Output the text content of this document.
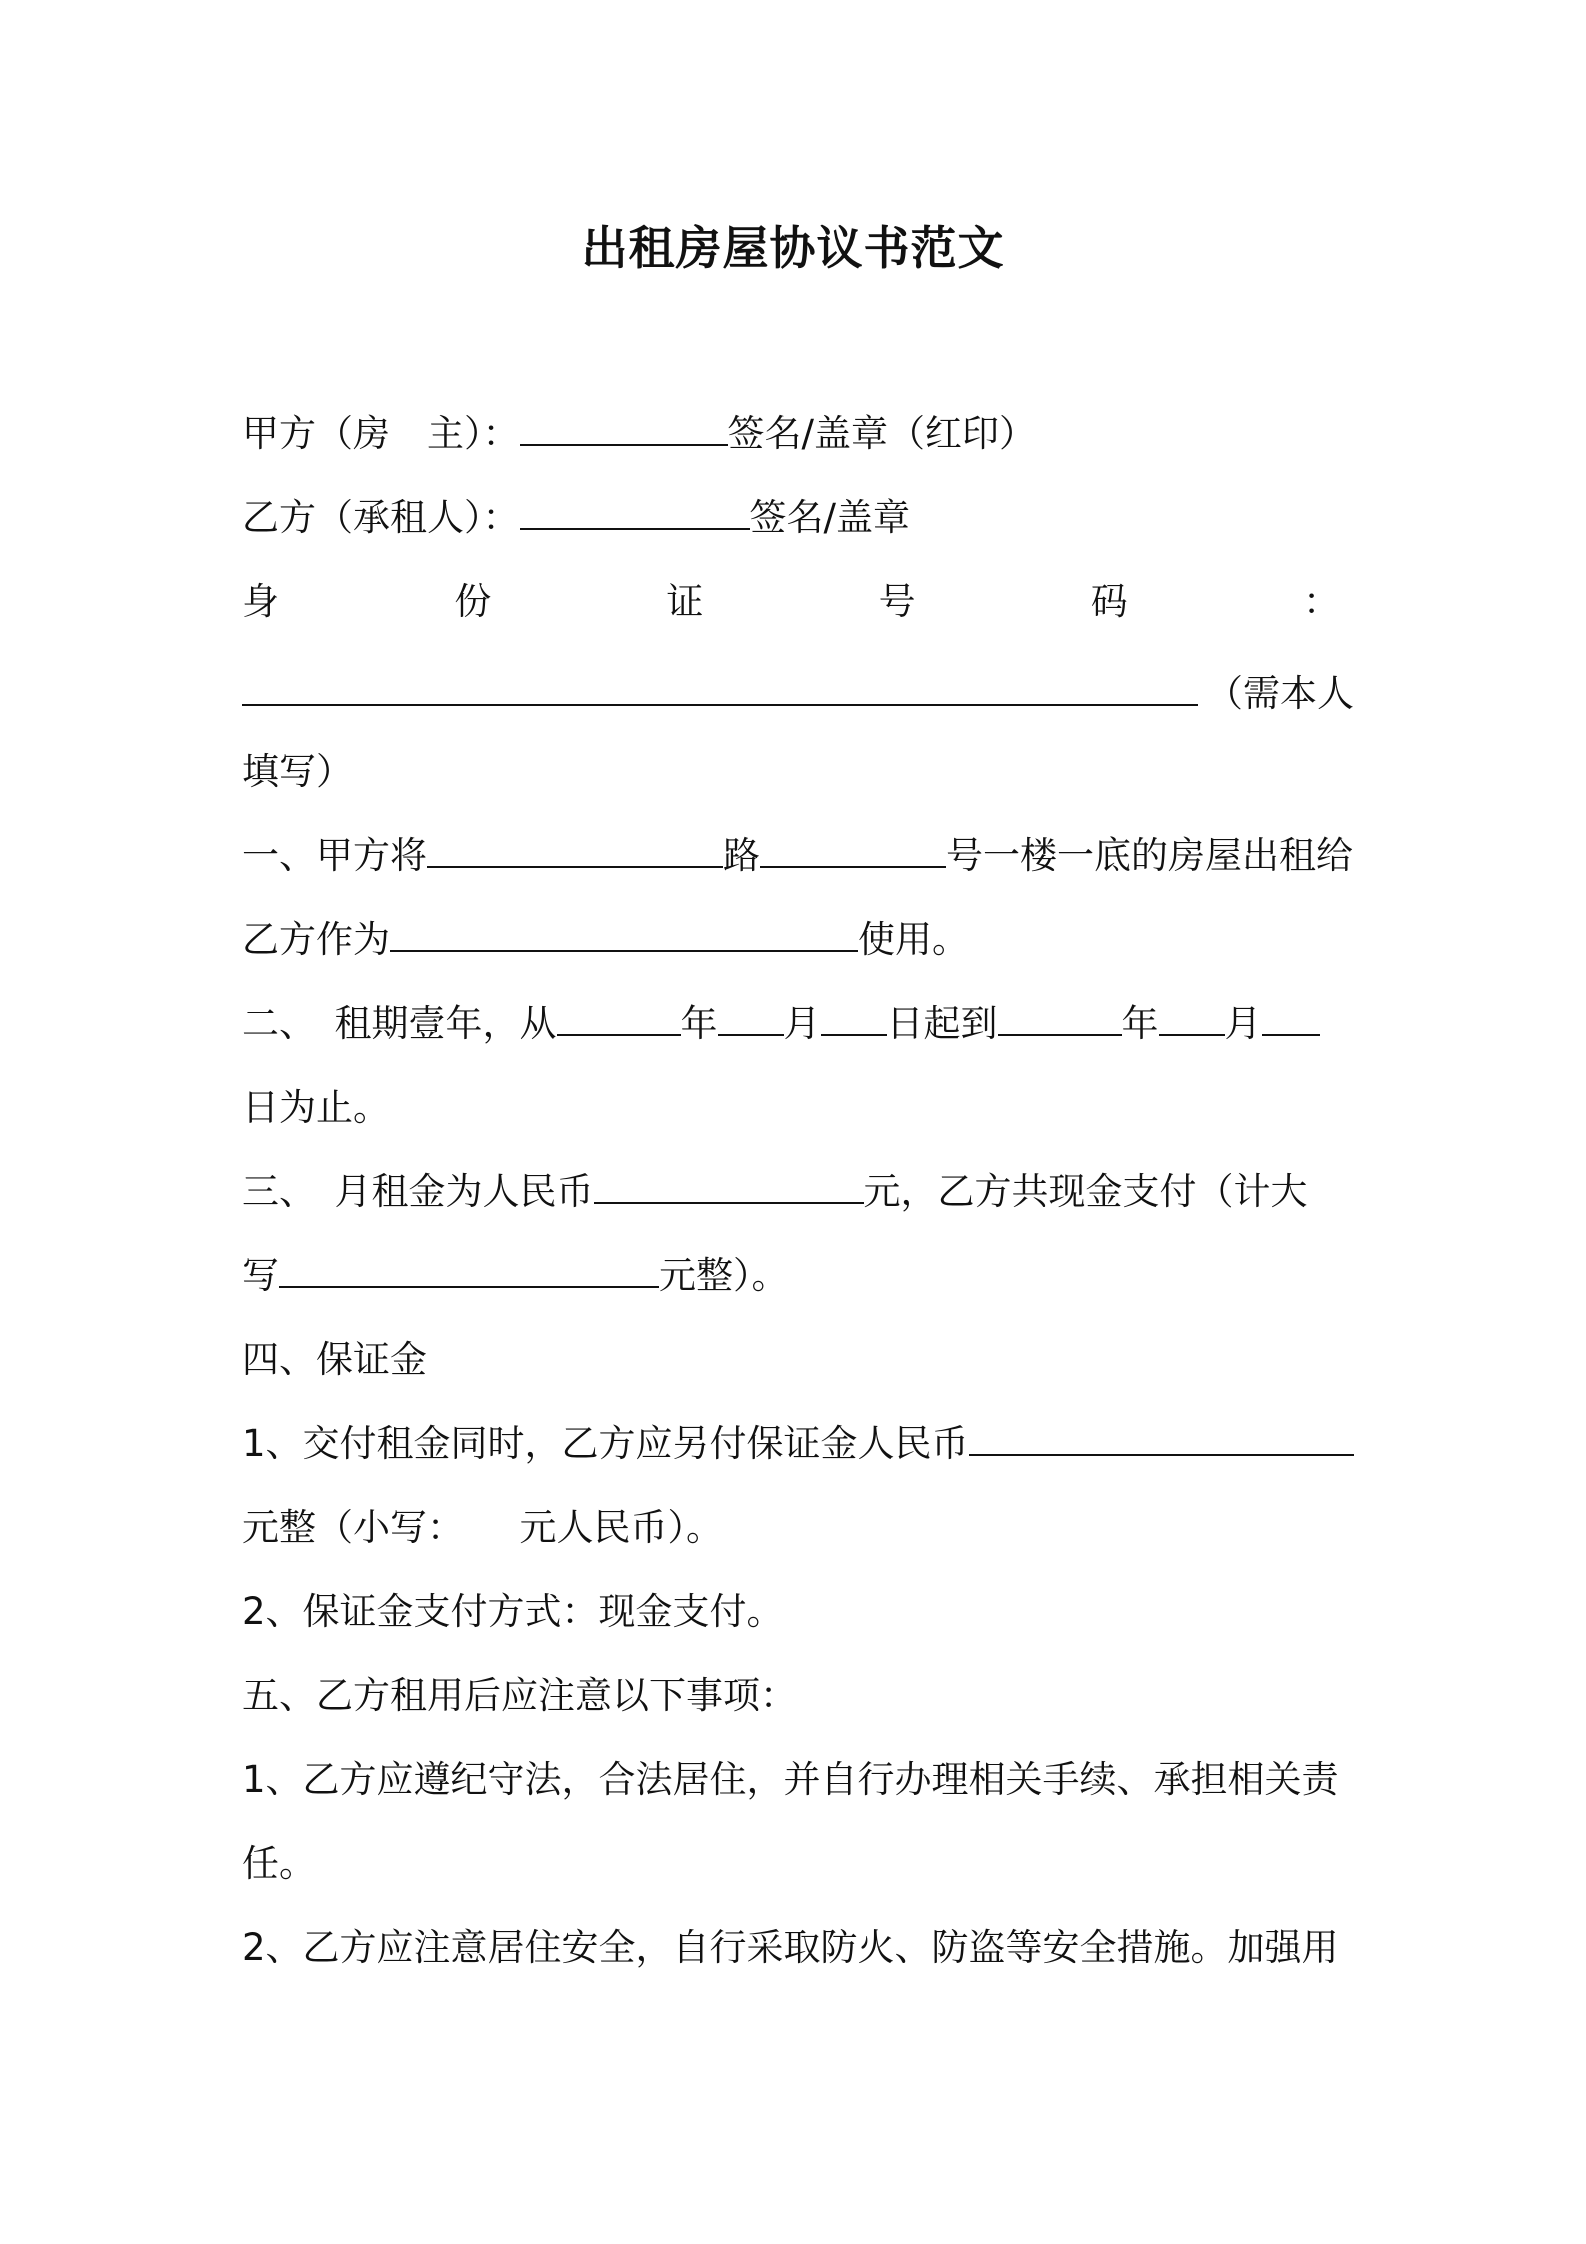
出租房屋协议书范文
甲方（房　主）：	签名/盖章（红印）
乙方（承租人）：	签名/盖章
身	份	证	号	码	：
（需本人
填写）
一、甲方将	路	号一楼一底的房屋出租给
乙方作为	使用。
二、　租期壹年，从	年 月 日起到	年 月
日为止。
三、　月租金为人民币	元，乙方共现金支付（计大
写	元整）。
四、保证金
1、交付租金同时，乙方应另付保证金人民币
元整（小写：　　元人民币）。
2、保证金支付方式：现金支付。
五、乙方租用后应注意以下事项：
1、乙方应遵纪守法，合法居住，并自行办理相关手续、承担相关责
任。
2、乙方应注意居住安全，自行采取防火、防盗等安全措施。加强用
